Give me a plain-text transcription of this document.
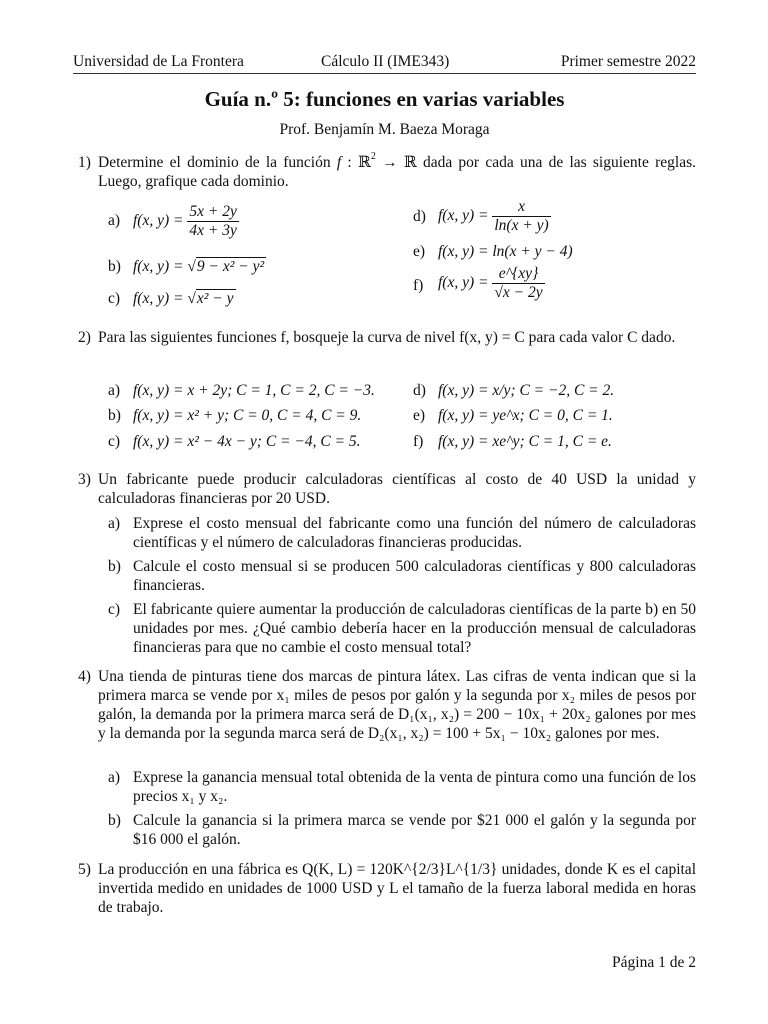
Universidad de La Frontera	Cálculo II (IME343)	Primer semestre 2022
Guía n.º 5: funciones en varias variables
Prof. Benjamín M. Baeza Moraga
1) Determine el dominio de la función f : ℝ$^2$ → ℝ dada por cada una de las siguiente reglas. Luego, grafique cada dominio.
a) f(x, $y) = \frac{5x + 2y}{4x + 3y}$
b) f(x, y) = √9 − x² − y²
c) f(x, y) = √x² − y
d) f(x, $y) = \frac{x}{\ln(x + y)}$
e) f(x, y) = ln(x + y − 4)
f) f(x, $y) = \frac{e\^{}\{xy\}}{√x - 2y}$
2) Para las siguientes funciones f, bosqueje la curva de nivel f(x, y) = C para cada valor C dado.
a) f(x, y) = x + 2y; C = 1, C = 2, C = −3.
b) f(x, y) = x² + y; C = 0, C = 4, C = 9.
c) f(x, y) = x² − 4x − y; C = −4, C = 5.
d) f(x, y) = x/y; C = −2, C = 2.
e) f(x, y) = ye^x; C = 0, C = 1.
f) f(x, y) = xe^y; C = 1, C = e.
3) Un fabricante puede producir calculadoras científicas al costo de 40 USD la unidad y calculadoras financieras por 20 USD.
a) Exprese el costo mensual del fabricante como una función del número de calculadoras científicas y el número de calculadoras financieras producidas.
b) Calcule el costo mensual si se producen 500 calculadoras científicas y 800 calculadoras financieras.
c) El fabricante quiere aumentar la producción de calculadoras científicas de la parte b) en 50 unidades por mes. ¿Qué cambio debería hacer en la producción mensual de calculadoras financieras para que no cambie el costo mensual total?
4) Una tienda de pinturas tiene dos marcas de pintura látex. Las cifras de venta indican que si la primera marca se vende por x₁ miles de pesos por galón y la segunda por x₂ miles de pesos por galón, la demanda por la primera marca será de D₁(x₁, x₂) = 200 − 10x₁ + 20x₂ galones por mes y la demanda por la segunda marca será de D₂(x₁, x₂) = 100 + 5x₁ − 10x₂ galones por mes.
a) Exprese la ganancia mensual total obtenida de la venta de pintura como una función de los precios x₁ y x₂.
b) Calcule la ganancia si la primera marca se vende por $21 000 el galón y la segunda por $16 000 el galón.
5) La producción en una fábrica es Q(K, L) = 120K^{2/3}L^{1/3} unidades, donde K es el capital invertida medido en unidades de 1000 USD y L el tamaño de la fuerza laboral medida en horas de trabajo.
Página 1 de 2
